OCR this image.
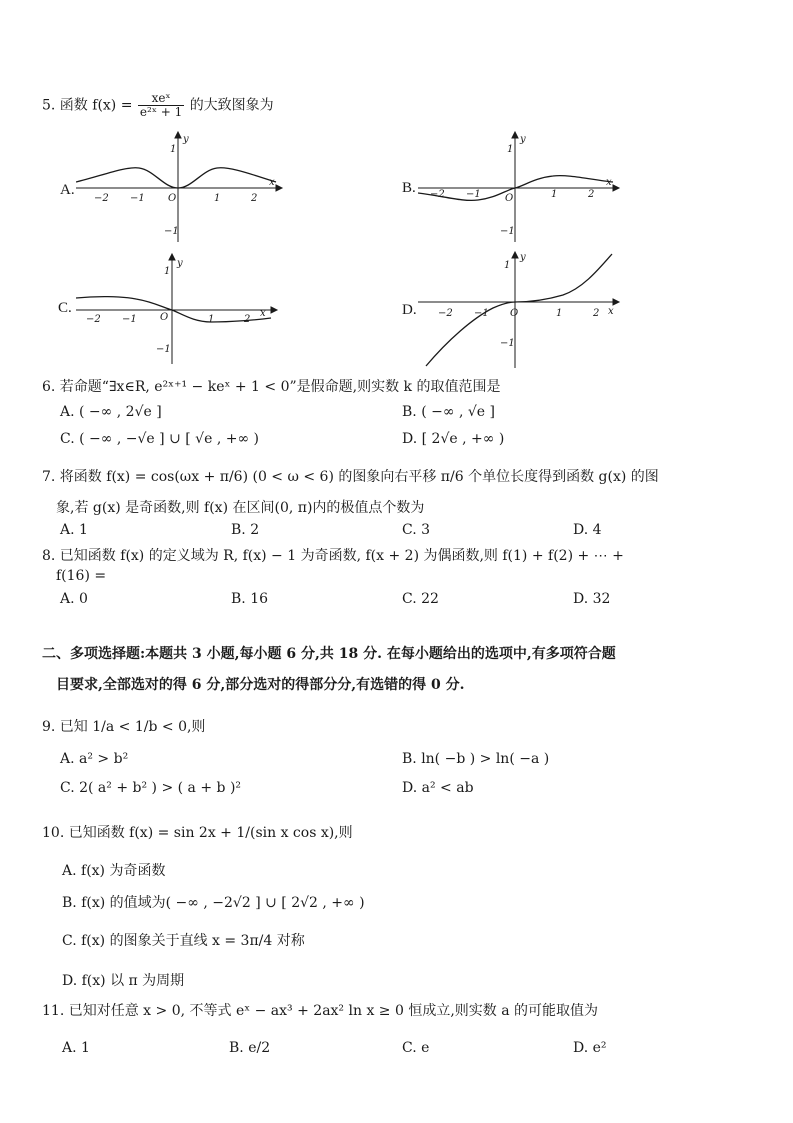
5. 函数 $f(x) = \frac{\text{xeˣ}}{\text{e²ˣ + 1}}$ 的大致图象为
A.	B.
C.	D.
1
−1
y
x
O
−2 −1	1	2
1
−1
y
x
O
−2 −1	1	2
1
−1
y
x
O
−2 −1	1	2
1
−1
y
x
O
−2 −1	1	2
6. 若命题“∃x∈R, e²ˣ⁺¹ − keˣ + 1 < 0”是假命题,则实数 k 的取值范围是
A. ( −∞ , 2√e ]	B. ( −∞ , √e ]
C. ( −∞ , −√e ] ∪ [ √e , +∞ )	D. [ 2√e , +∞ )
7. 将函数 f(x) = cos(ωx + π/6) (0 < ω < 6) 的图象向右平移 π/6 个单位长度得到函数 g(x) 的图
象,若 g(x) 是奇函数,则 f(x) 在区间(0, π)内的极值点个数为
A. 1	B. 2	C. 3	D. 4
8. 已知函数 f(x) 的定义域为 R, f(x) − 1 为奇函数, f(x + 2) 为偶函数,则 f(1) + f(2) + ⋯ +
f(16) =
A. 0	B. 16	C. 22	D. 32
二、多项选择题:本题共 3 小题,每小题 6 分,共 18 分. 在每小题给出的选项中,有多项符合题
目要求,全部选对的得 6 分,部分选对的得部分分,有选错的得 0 分.
9. 已知 1/a < 1/b < 0,则
A. a² > b²	B. ln( −b ) > ln( −a )
C. 2( a² + b² ) > ( a + b )²	D. a² < ab
10. 已知函数 f(x) = sin 2x + 1/(sin x cos x),则
A. f(x) 为奇函数
B. f(x) 的值域为( −∞ , −2√2 ] ∪ [ 2√2 , +∞ )
C. f(x) 的图象关于直线 x = 3π/4 对称
D. f(x) 以 π 为周期
11. 已知对任意 x > 0, 不等式 eˣ − ax³ + 2ax² ln x ≥ 0 恒成立,则实数 a 的可能取值为
A. 1	B. e/2	C. e	D. e²
